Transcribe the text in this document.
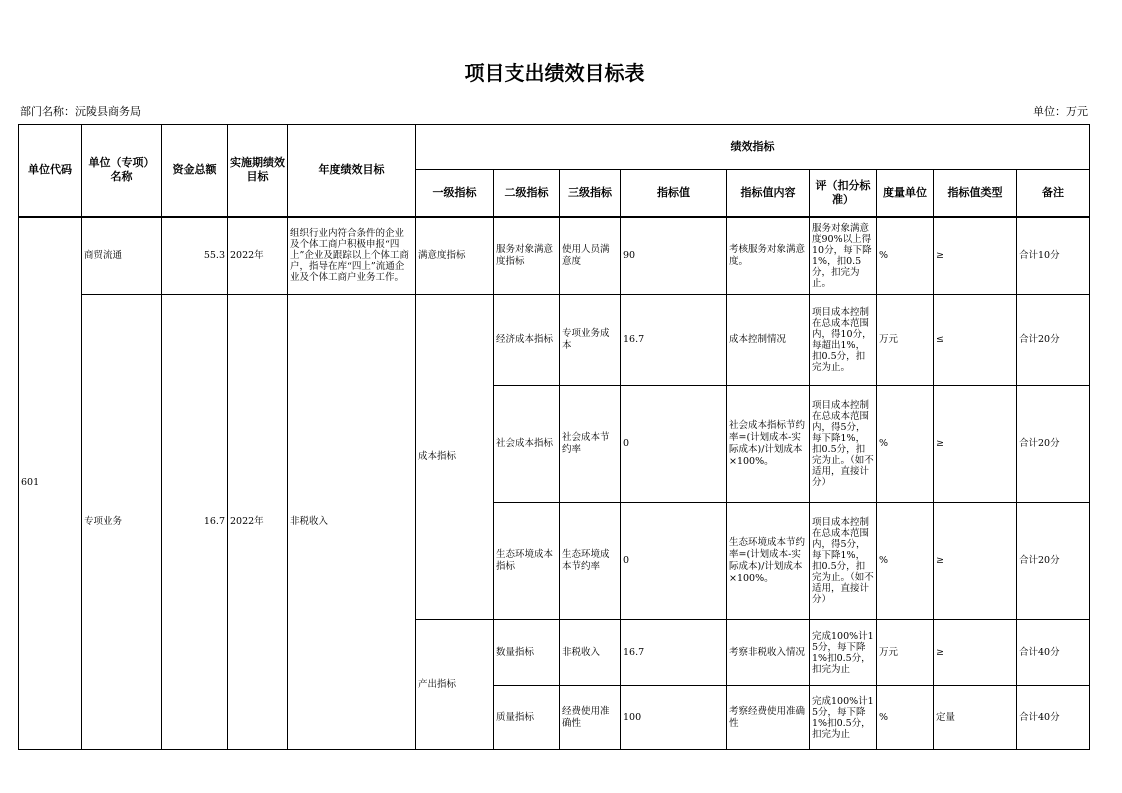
项目支出绩效目标表
部门名称：沅陵县商务局	单位：万元
单位代码	单位（专项）名称	资金总额	实施期绩效目标	年度绩效目标	绩效指标								
					一级指标	二级指标	三级指标	指标值	指标值内容	评（扣分标准）	度量单位	指标值类型	备注
601	商贸流通	55.3	2022年	组织行业内符合条件的企业及个体工商户积极申报“四上”企业及跟踪以上个体工商户，指导在库“四上”流通企业及个体工商户业务工作。	满意度指标	服务对象满意度指标	使用人员满意度	90	考核服务对象满意度。	服务对象满意度90%以上得10分，每下降1%，扣0.5分，扣完为止。	%	≥	合计10分
	专项业务	16.7	2022年	非税收入	成本指标	经济成本指标	专项业务成本	16.7	成本控制情况	项目成本控制在总成本范围内，得10分，每超出1%，扣0.5分，扣完为止。	万元	≤	合计20分
						社会成本指标	社会成本节约率	0	社会成本指标节约率=(计划成本-实际成本)/计划成本×100%。	项目成本控制在总成本范围内，得5分，每下降1%，扣0.5分，扣完为止。（如不适用，直接计分）	%	≥	合计20分
						生态环境成本指标	生态环境成本节约率	0	生态环境成本节约率=(计划成本-实际成本)/计划成本×100%。	项目成本控制在总成本范围内，得5分，每下降1%，扣0.5分，扣完为止。（如不适用，直接计分）	%	≥	合计20分
					产出指标	数量指标	非税收入	16.7	考察非税收入情况	完成100%计15分，每下降1%扣0.5分，扣完为止	万元	≥	合计40分
						质量指标	经费使用准确性	100	考察经费使用准确性	完成100%计15分，每下降1%扣0.5分，扣完为止	%	定量	合计40分
